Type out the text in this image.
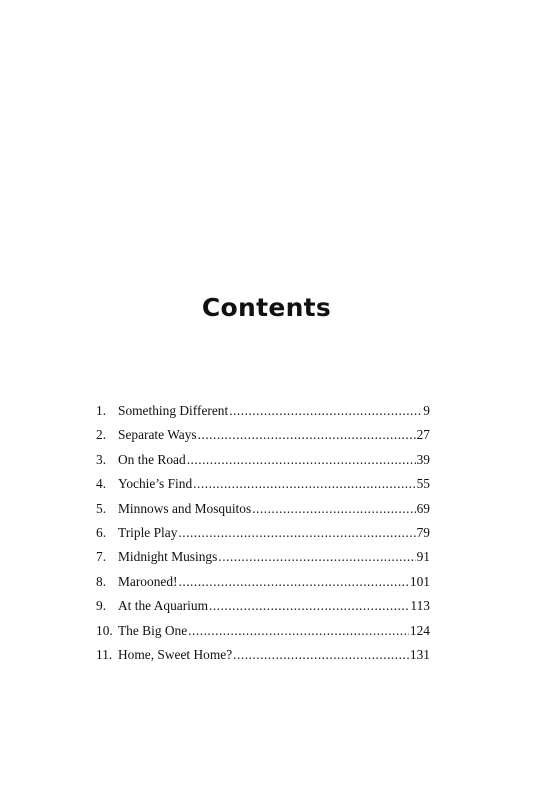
Contents
1. Something Different .....	9
2. Separate Ways .....	27
3. On the Road .....	39
4. Yochie’s Find .....	55
5. Minnows and Mosquitos .....	69
6. Triple Play .....	79
7. Midnight Musings .....	91
8. Marooned! .....	101
9. At the Aquarium .....	113
10. The Big One .....	124
11. Home, Sweet Home? .....	131
